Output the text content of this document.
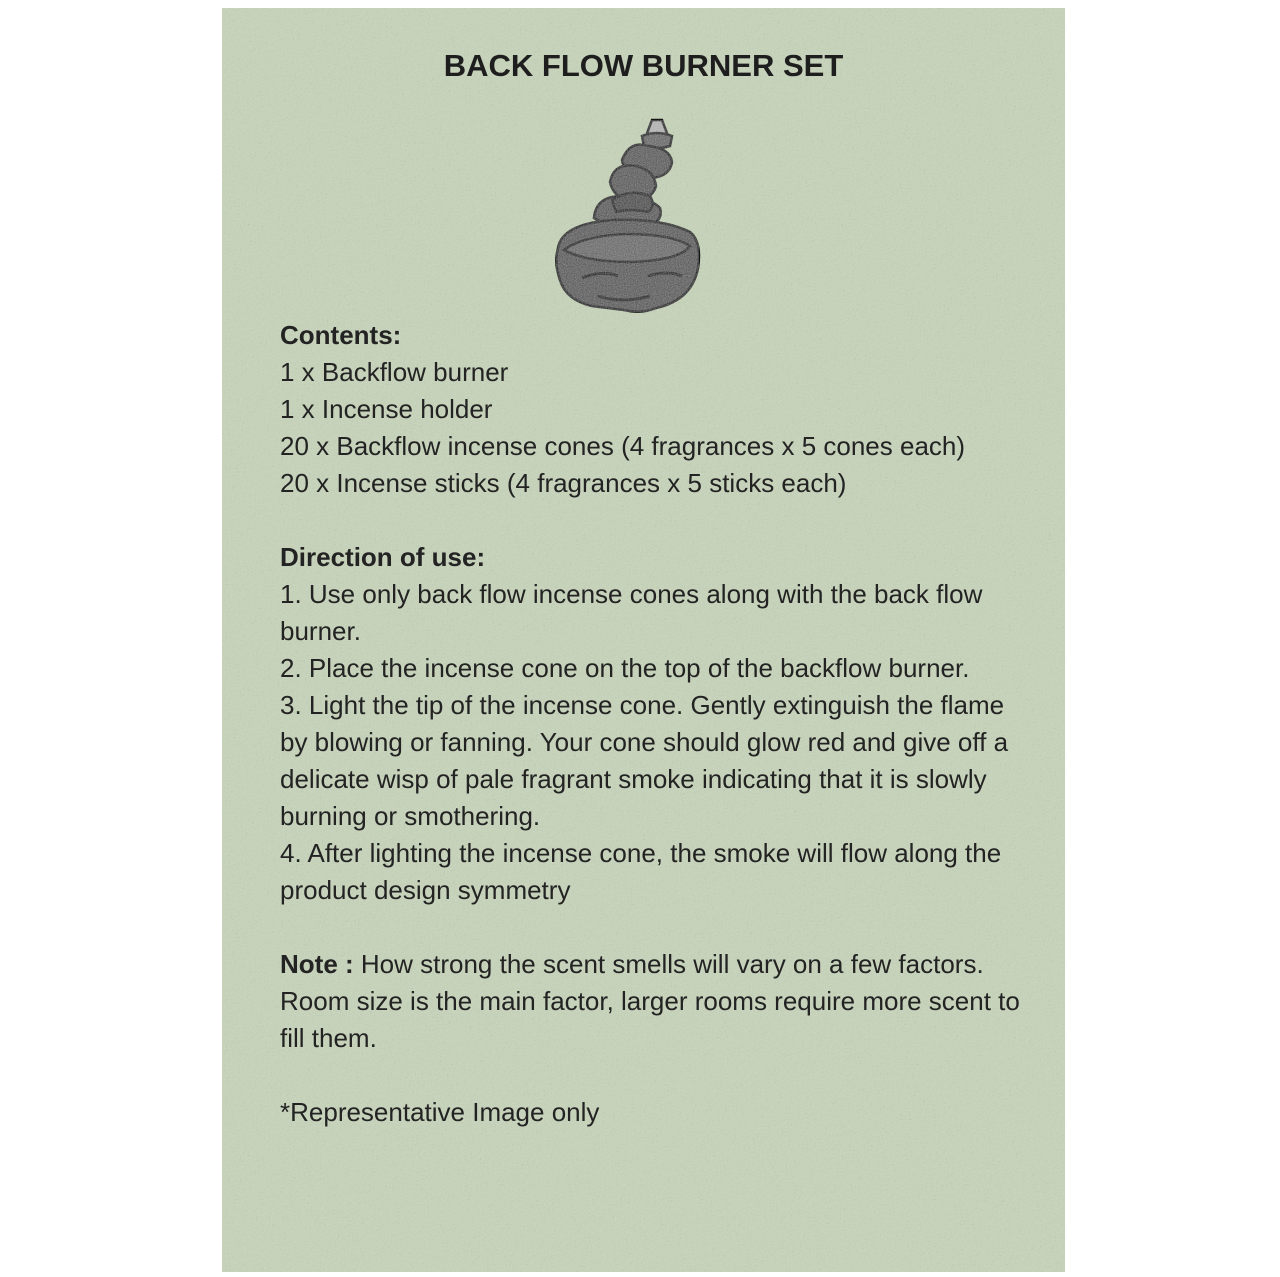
BACK FLOW BURNER SET

Contents:

1 x Backflow burner

1 x Incense holder

20 x Backflow incense cones (4 fragrances x 5 cones each)

20 x Incense sticks (4 fragrances x 5 sticks each)

Direction of use:

1. Use only back flow incense cones along with the back flow burner.

2. Place the incense cone on the top of the backflow burner.

3. Light the tip of the incense cone. Gently extinguish the flame by blowing or fanning. Your cone should glow red and give off a delicate wisp of pale fragrant smoke indicating that it is slowly burning or smothering.

4. After lighting the incense cone, the smoke will flow along the product design symmetry

Note : How strong the scent smells will vary on a few factors. Room size is the main factor, larger rooms require more scent to fill them.

*Representative Image only
